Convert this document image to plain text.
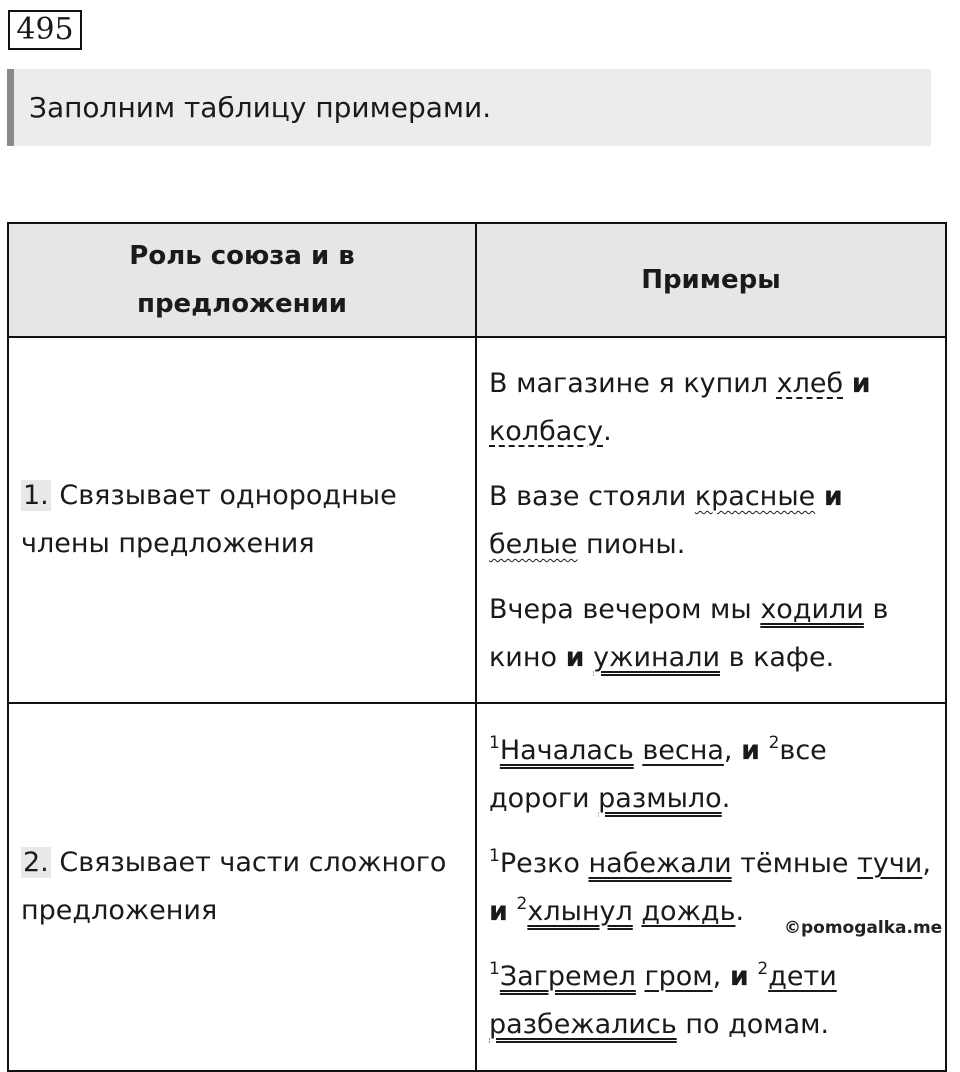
495
Заполним таблицу примерами.
Роль союза и в предложении	Примеры
1. Связывает однородные члены предложения	В магазине я купил хлеб и колбасу.

В вазе стояли красные и белые пионы.

Вчера вечером мы ходили в кино и ужинали в кафе.

2. Связывает части сложного предложения	$^1$Началась весна, и $^2$все дороги размыло.

$^1$Резко набежали тёмные тучи, и $^2$хлынул дождь.

$^1$Загремел гром, и $^2$дети разбежались по домам.

©pomogalka.me
